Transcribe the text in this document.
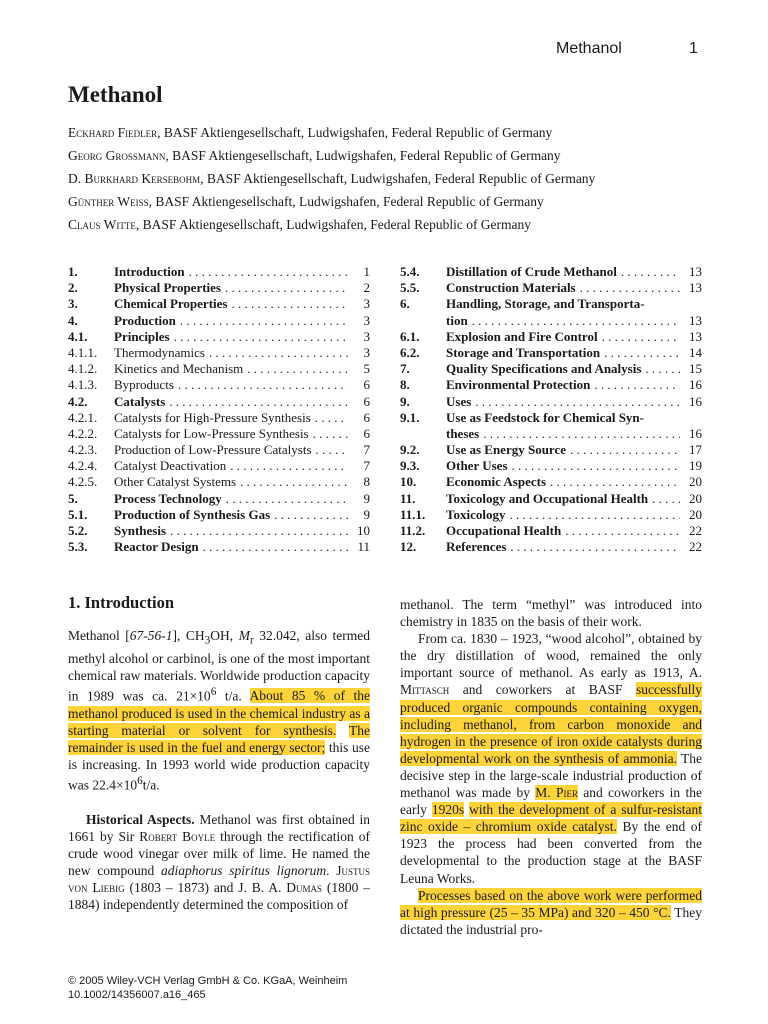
Methanol	1
Methanol
Eckhard Fiedler, BASF Aktiengesellschaft, Ludwigshafen, Federal Republic of Germany
Georg Grossmann, BASF Aktiengesellschaft, Ludwigshafen, Federal Republic of Germany
D. Burkhard Kersebohm, BASF Aktiengesellschaft, Ludwigshafen, Federal Republic of Germany
Günther Weiss, BASF Aktiengesellschaft, Ludwigshafen, Federal Republic of Germany
Claus Witte, BASF Aktiengesellschaft, Ludwigshafen, Federal Republic of Germany
1.	Introduction . . .	1
2.	Physical Properties . . .	2
3.	Chemical Properties . . .	3
4.	Production . . .	3
4.1.	Principles . . .	3
4.1.1.	Thermodynamics . . .	3
4.1.2.	Kinetics and Mechanism . . .	5
4.1.3.	Byproducts . . .	6
4.2.	Catalysts . . .	6
4.2.1.	Catalysts for High-Pressure Synthesis . . .	6
4.2.2.	Catalysts for Low-Pressure Synthesis . . .	6
4.2.3.	Production of Low-Pressure Catalysts . . .	7
4.2.4.	Catalyst Deactivation . . .	7
4.2.5.	Other Catalyst Systems . . .	8
5.	Process Technology . . .	9
5.1.	Production of Synthesis Gas . . .	9
5.2.	Synthesis . . .	10
5.3.	Reactor Design . . .	11
5.4.	Distillation of Crude Methanol . . .	13
5.5.	Construction Materials . . .	13
6.	Handling, Storage, and Transporta-
tion . . .	13
6.1.	Explosion and Fire Control . . .	13
6.2.	Storage and Transportation . . .	14
7.	Quality Specifications and Analysis . . .	15
8.	Environmental Protection . . .	16
9.	Uses . . .	16
9.1.	Use as Feedstock for Chemical Syn-
theses . . .	16
9.2.	Use as Energy Source . . .	17
9.3.	Other Uses . . .	19
10.	Economic Aspects . . .	20
11.	Toxicology and Occupational Health . . .	20
11.1.	Toxicology . . .	20
11.2.	Occupational Health . . .	22
12.	References . . .	22
1. Introduction

Methanol [67-56-1], $CH_3OH$, $M_r$ 32.042, also termed methyl alcohol or carbinol, is one of the most important chemical raw materials. Worldwide production capacity in 1989 was ca. $21\times 10^6$ t/a. About 85 % of the methanol produced is used in the chemical industry as a starting material or solvent for synthesis. The remainder is used in the fuel and energy sector; this use is increasing. In 1993 world wide production capacity was $22.4\times 10^6t/a$.

Historical Aspects. Methanol was first obtained in 1661 by Sir Robert Boyle through the rectification of crude wood vinegar over milk of lime. He named the new compound adiaphorus spiritus lignorum. Justus von Liebig (1803 – 1873) and J. B. A. Dumas (1800 – 1884) independently determined the composition of

methanol. The term “methyl” was introduced into chemistry in 1835 on the basis of their work.

From ca. 1830 – 1923, “wood alcohol”, obtained by the dry distillation of wood, remained the only important source of methanol. As early as 1913, A. Mittasch and coworkers at BASF successfully produced organic compounds containing oxygen, including methanol, from carbon monoxide and hydrogen in the presence of iron oxide catalysts during developmental work on the synthesis of ammonia. The decisive step in the large-scale industrial production of methanol was made by M. Pier and coworkers in the early 1920s with the development of a sulfur-resistant zinc oxide – chromium oxide catalyst. By the end of 1923 the process had been converted from the developmental to the production stage at the BASF Leuna Works.

Processes based on the above work were performed at high pressure (25 – 35 MPa) and 320 – 450 °C. They dictated the industrial pro-

© 2005 Wiley-VCH Verlag GmbH & Co. KGaA, Weinheim
10.1002/14356007.a16_465
